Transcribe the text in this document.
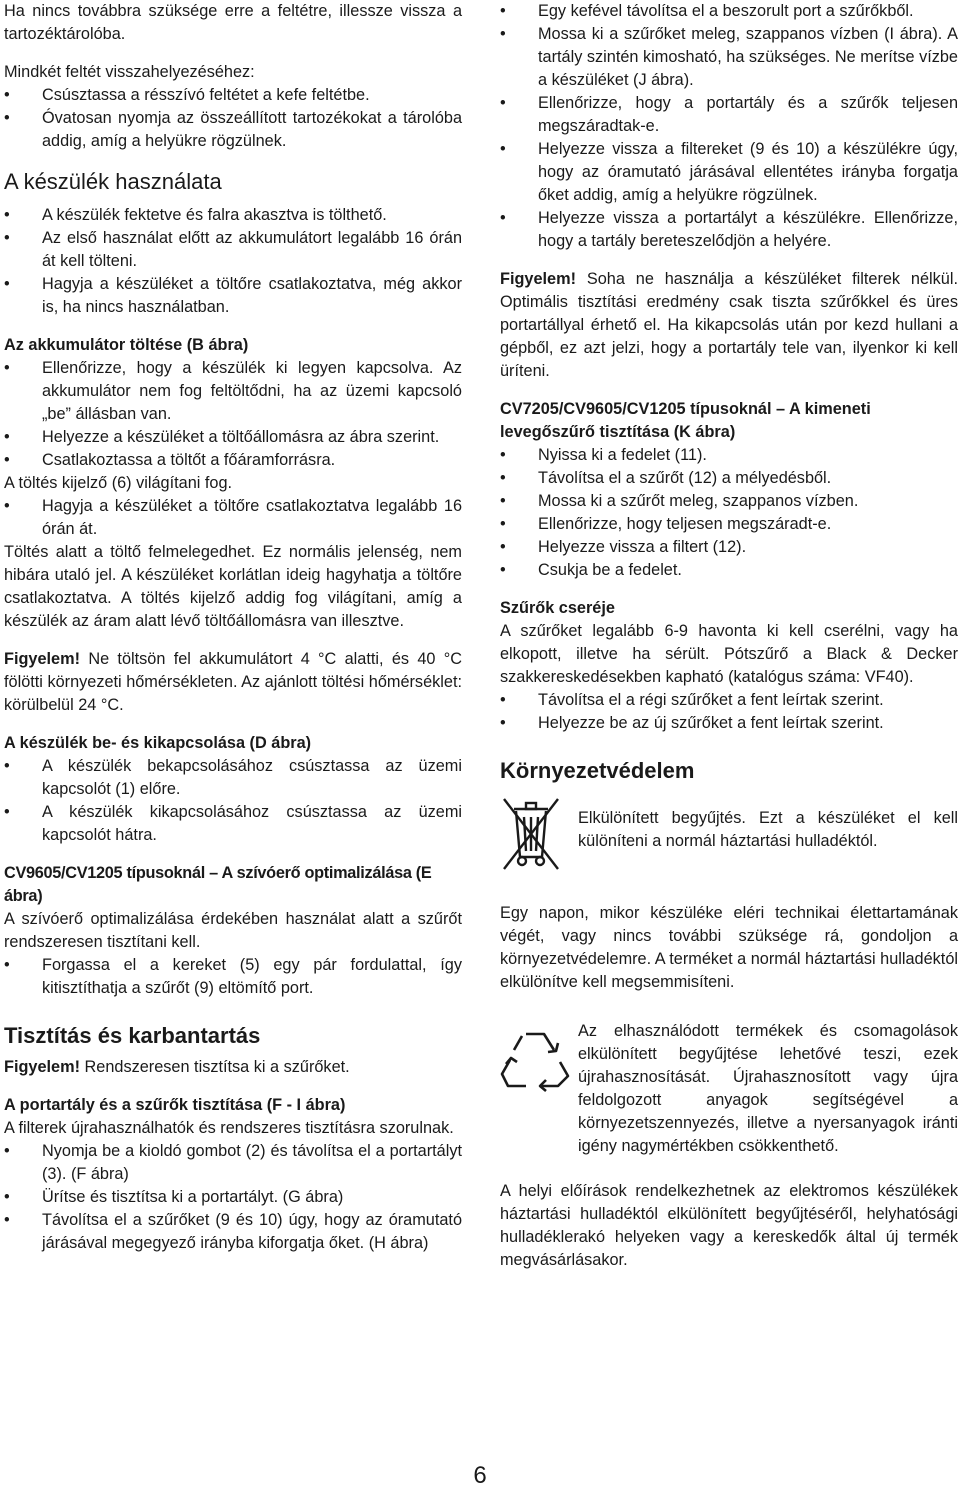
Ha nincs továbbra szüksége erre a feltétre, illessze vissza a tartozéktárolóba.

Mindkét feltét visszahelyezéséhez:

• Csúsztassa a résszívó feltétet a kefe feltétbe.
• Óvatosan nyomja az összeállított tartozékokat a tárolóba addig, amíg a helyükre rögzülnek.
A készülék használata
• A készülék fektetve és falra akasztva is tölthető.
• Az első használat előtt az akkumulátort legalább 16 órán át kell tölteni.
• Hagyja a készüléket a töltőre csatlakoztatva, még akkor is, ha nincs használatban.
Az akkumulátor töltése (B ábra)
• Ellenőrizze, hogy a készülék ki legyen kapcsolva. Az akkumulátor nem fog feltöltődni, ha az üzemi kapcsoló „be” állásban van.
• Helyezze a készüléket a töltőállomásra az ábra szerint.
• Csatlakoztassa a töltőt a főáramforrásra.

A töltés kijelző (6) világítani fog.

• Hagyja a készüléket a töltőre csatlakoztatva legalább 16 órán át.

Töltés alatt a töltő felmelegedhet. Ez normális jelenség, nem hibára utaló jel. A készüléket korlátlan ideig hagyhatja a töltőre csatlakoztatva. A töltés kijelző addig fog világítani, amíg a készülék az áram alatt lévő töltőállomásra van illesztve.

Figyelem! Ne töltsön fel akkumulátort 4 °C alatti, és 40 °C fölötti környezeti hőmérsékleten. Az ajánlott töltési hőmérséklet: körülbelül 24 °C.

A készülék be- és kikapcsolása (D ábra)
• A készülék bekapcsolásához csúsztassa az üzemi kapcsolót (1) előre.
• A készülék kikapcsolásához csúsztassa az üzemi kapcsolót hátra.
CV9605/CV1205 típusoknál – A szívóerő optimalizálása (E ábra)

A szívóerő optimalizálása érdekében használat alatt a szűrőt rendszeresen tisztítani kell.

• Forgassa el a kereket (5) egy pár fordulattal, így kitisztíthatja a szűrőt (9) eltömítő port.
Tisztítás és karbantartás

Figyelem! Rendszeresen tisztítsa ki a szűrőket.

A portartály és a szűrők tisztítása (F - I ábra)

A filterek újrahasználhatók és rendszeres tisztításra szorulnak.

• Nyomja be a kioldó gombot (2) és távolítsa el a portartályt (3). (F ábra)
• Ürítse és tisztítsa ki a portartályt. (G ábra)
• Távolítsa el a szűrőket (9 és 10) úgy, hogy az óramutató járásával megegyező irányba kiforgatja őket. (H ábra)
• Egy kefével távolítsa el a beszorult port a szűrőkből.
• Mossa ki a szűrőket meleg, szappanos vízben (I ábra). A tartály szintén kimosható, ha szükséges. Ne merítse vízbe a készüléket (J ábra).
• Ellenőrizze, hogy a portartály és a szűrők teljesen megszáradtak-e.
• Helyezze vissza a filtereket (9 és 10) a készülékre úgy, hogy az óramutató járásával ellentétes irányba forgatja őket addig, amíg a helyükre rögzülnek.
• Helyezze vissza a portartályt a készülékre. Ellenőrizze, hogy a tartály bereteszelődjön a helyére.

Figyelem! Soha ne használja a készüléket filterek nélkül. Optimális tisztítási eredmény csak tiszta szűrőkkel és üres portartállyal érhető el. Ha kikapcsolás után por kezd hullani a gépből, ez azt jelzi, hogy a portartály tele van, ilyenkor ki kell üríteni.

CV7205/CV9605/CV1205 típusoknál – A kimeneti levegőszűrő tisztítása (K ábra)
• Nyissa ki a fedelet (11).
• Távolítsa el a szűrőt (12) a mélyedésből.
• Mossa ki a szűrőt meleg, szappanos vízben.
• Ellenőrizze, hogy teljesen megszáradt-e.
• Helyezze vissza a filtert (12).
• Csukja be a fedelet.
Szűrők cseréje

A szűrőket legalább 6-9 havonta ki kell cserélni, vagy ha elkopott, illetve ha sérült. Pótszűrő a Black & Decker szakkereskedésekben kapható (katalógus száma: VF40).

• Távolítsa el a régi szűrőket a fent leírtak szerint.
• Helyezze be az új szűrőket a fent leírtak szerint.
Környezetvédelem

Elkülönített begyűjtés. Ezt a készüléket el kell különíteni a normál háztartási hulladéktól.

Egy napon, mikor készüléke eléri technikai élettartamának végét, vagy nincs további szüksége rá, gondoljon a környezetvédelemre. A terméket a normál háztartási hulladéktól elkülönítve kell megsemmisíteni.

Az elhasználódott termékek és csomagolások elkülönített begyűjtése lehetővé teszi, ezek újrahasznosítását. Újrahasznosított vagy újra feldolgozott anyagok segítségével a környezetszennyezés, illetve a nyersanyagok iránti igény nagymértékben csökkenthető.

A helyi előírások rendelkezhetnek az elektromos készülékek háztartási hulladéktól elkülönített begyűjtéséről, helyhatósági hulladéklerakó helyeken vagy a kereskedők által új termék megvásárlásakor.

6
